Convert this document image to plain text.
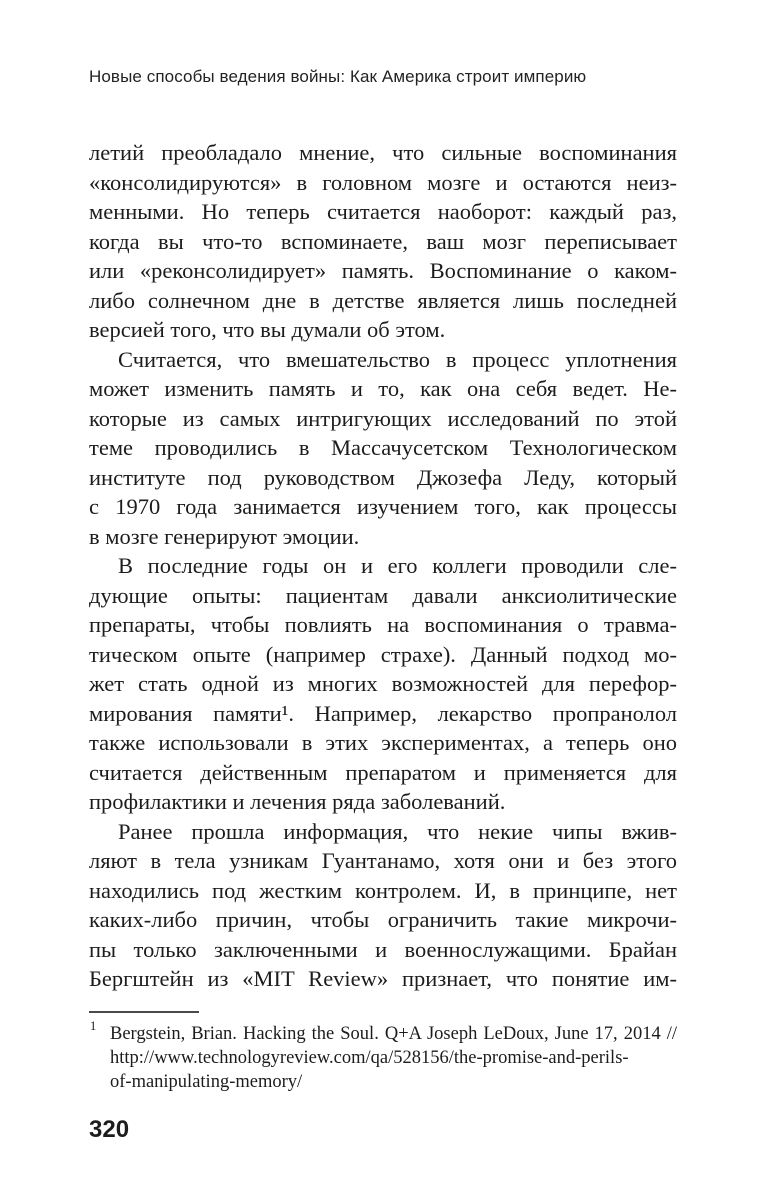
Новые способы ведения войны: Как Америка строит империю
летий преобладало мнение, что сильные воспоминания
«консолидируются» в головном мозге и остаются неиз-
менными. Но теперь считается наоборот: каждый раз,
когда вы что-то вспоминаете, ваш мозг переписывает
или «реконсолидирует» память. Воспоминание о каком-
либо солнечном дне в детстве является лишь последней
версией того, что вы думали об этом.
Считается, что вмешательство в процесс уплотнения
может изменить память и то, как она себя ведет. Не-
которые из самых интригующих исследований по этой
теме проводились в Массачусетском Технологическом
институте под руководством Джозефа Леду, который
с 1970 года занимается изучением того, как процессы
в мозге генерируют эмоции.
В последние годы он и его коллеги проводили сле-
дующие опыты: пациентам давали анксиолитические
препараты, чтобы повлиять на воспоминания о травма-
тическом опыте (например страхе). Данный подход мо-
жет стать одной из многих возможностей для перефор-
мирования памяти¹. Например, лекарство пропранолол
также использовали в этих экспериментах, а теперь оно
считается действенным препаратом и применяется для
профилактики и лечения ряда заболеваний.
Ранее прошла информация, что некие чипы вжив-
ляют в тела узникам Гуантанамо, хотя они и без этого
находились под жестким контролем. И, в принципе, нет
каких-либо причин, чтобы ограничить такие микрочи-
пы только заключенными и военнослужащими. Брайан
Бергштейн из «MIT Review» признает, что понятие им-
1 Bergstein, Brian. Hacking the Soul. Q+A Joseph LeDoux, June 17, 2014 //
http://www.technologyreview.com/qa/528156/the-promise-and-perils-
of-manipulating-memory/
320
